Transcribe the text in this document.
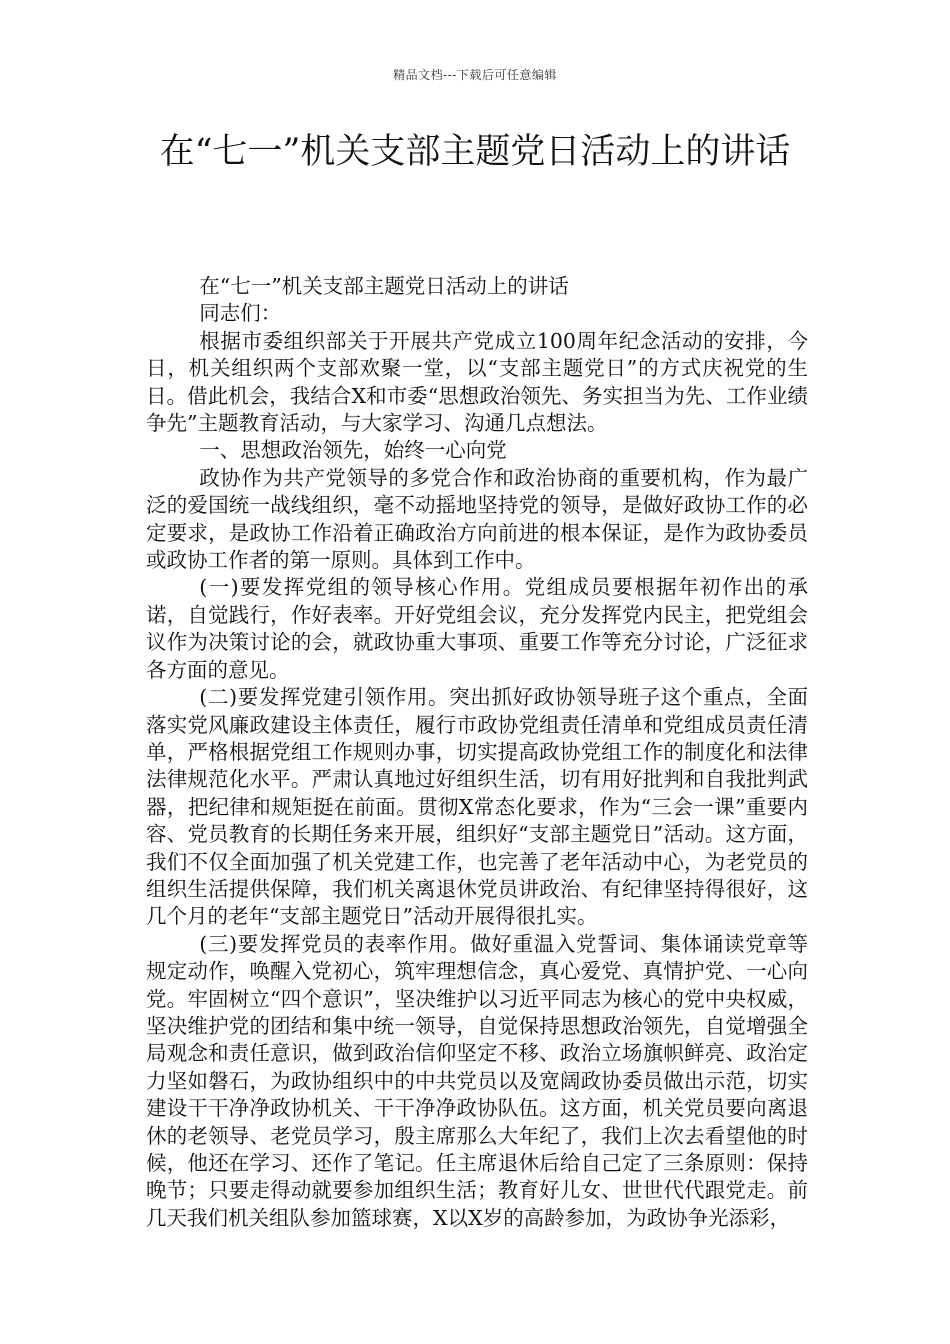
精品文档---下载后可任意编辑
在“七一”机关支部主题党日活动上的讲话

在“七一”机关支部主题党日活动上的讲话

同志们：

根据市委组织部关于开展共产党成立100周年纪念活动的安排，今日，机关组织两个支部欢聚一堂，以“支部主题党日”的方式庆祝党的生日。借此机会，我结合X和市委“思想政治领先、务实担当为先、工作业绩争先”主题教育活动，与大家学习、沟通几点想法。

一、思想政治领先，始终一心向党

政协作为共产党领导的多党合作和政治协商的重要机构，作为最广泛的爱国统一战线组织，毫不动摇地坚持党的领导，是做好政协工作的必定要求，是政协工作沿着正确政治方向前进的根本保证，是作为政协委员或政协工作者的第一原则。具体到工作中。

(一)要发挥党组的领导核心作用。党组成员要根据年初作出的承诺，自觉践行，作好表率。开好党组会议，充分发挥党内民主，把党组会议作为决策讨论的会，就政协重大事项、重要工作等充分讨论，广泛征求各方面的意见。

(二)要发挥党建引领作用。突出抓好政协领导班子这个重点，全面落实党风廉政建设主体责任，履行市政协党组责任清单和党组成员责任清单，严格根据党组工作规则办事，切实提高政协党组工作的制度化和法律法律规范化水平。严肃认真地过好组织生活，切有用好批判和自我批判武器，把纪律和规矩挺在前面。贯彻X常态化要求，作为“三会一课”重要内容、党员教育的长期任务来开展，组织好“支部主题党日”活动。这方面，我们不仅全面加强了机关党建工作，也完善了老年活动中心，为老党员的组织生活提供保障，我们机关离退休党员讲政治、有纪律坚持得很好，这几个月的老年“支部主题党日”活动开展得很扎实。

(三)要发挥党员的表率作用。做好重温入党誓词、集体诵读党章等规定动作，唤醒入党初心，筑牢理想信念，真心爱党、真情护党、一心向党。牢固树立“四个意识”，坚决维护以习近平同志为核心的党中央权威，坚决维护党的团结和集中统一领导，自觉保持思想政治领先，自觉增强全局观念和责任意识，做到政治信仰坚定不移、政治立场旗帜鲜亮、政治定力坚如磐石，为政协组织中的中共党员以及宽阔政协委员做出示范，切实建设干干净净政协机关、干干净净政协队伍。这方面，机关党员要向离退休的老领导、老党员学习，殷主席那么大年纪了，我们上次去看望他的时候，他还在学习、还作了笔记。任主席退休后给自己定了三条原则：保持晚节；只要走得动就要参加组织生活；教育好儿女、世世代代跟党走。前几天我们机关组队参加篮球赛，X以X岁的高龄参加，为政协争光添彩，
